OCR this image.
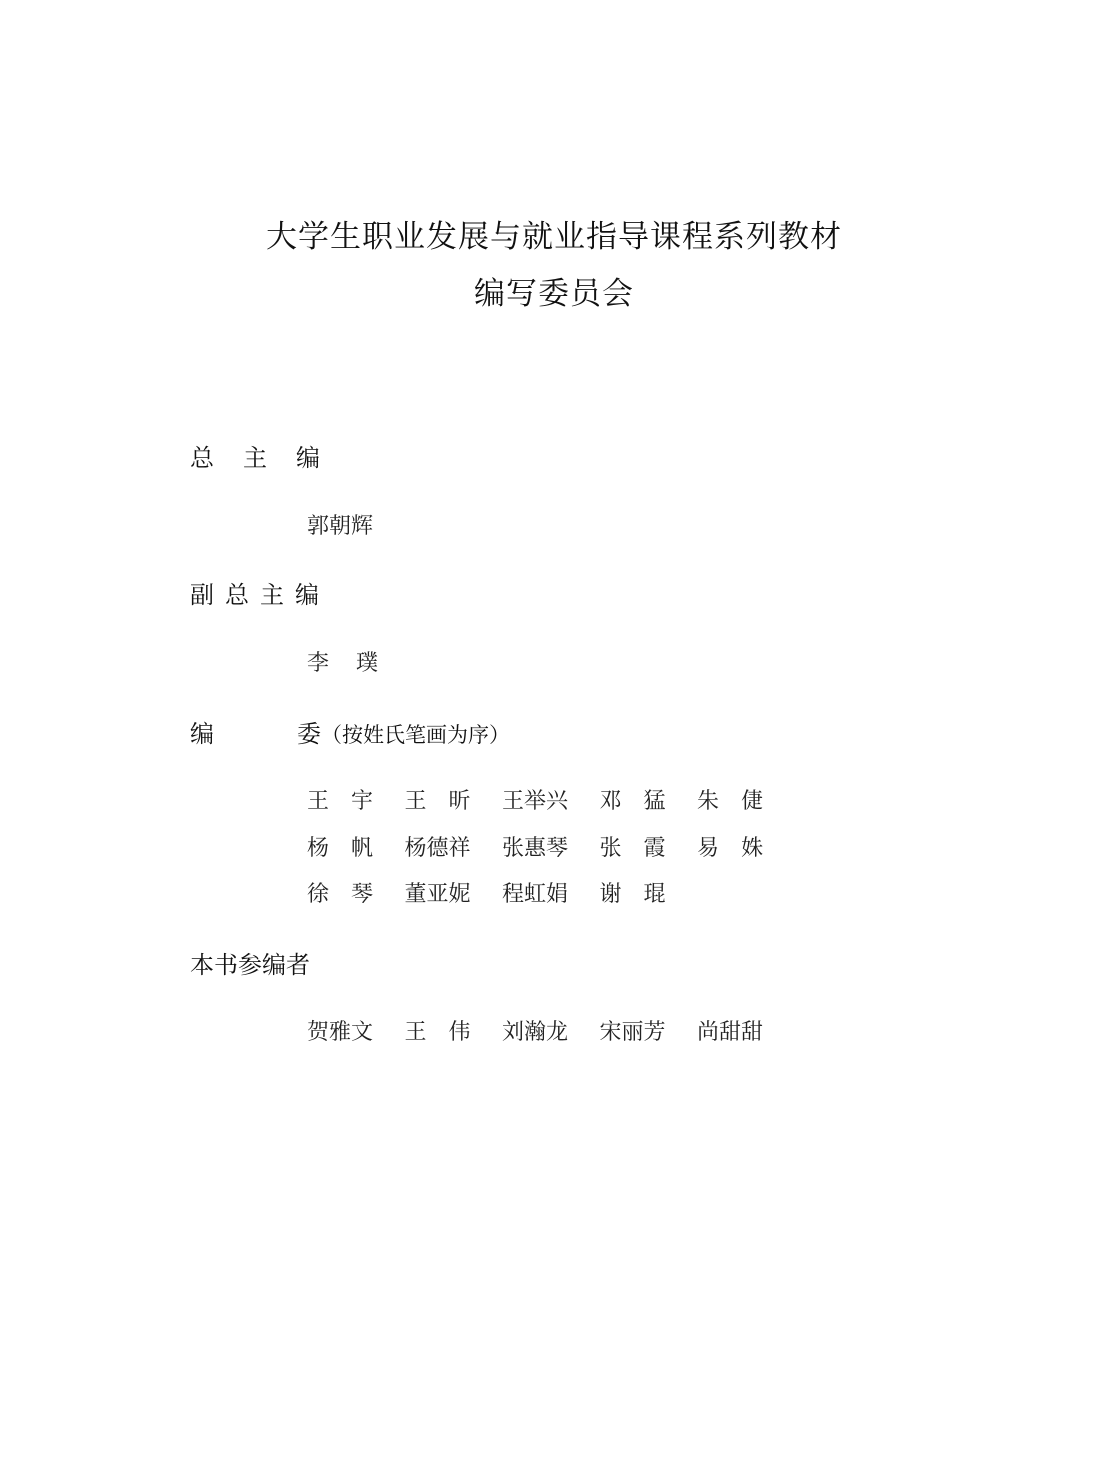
大学生职业发展与就业指导课程系列教材
编写委员会
总 主 编
郭朝辉
副 总 主 编
李 璞
编	委（按姓氏笔画为序）
王　宇 王　昕 王举兴 邓　猛 朱　倢
杨　帆 杨德祥 张惠琴 张　霞 易　姝
徐　琴 董亚妮 程虹娟 谢　琨
本书参编者
贺雅文 王　伟 刘瀚龙 宋丽芳 尚甜甜
